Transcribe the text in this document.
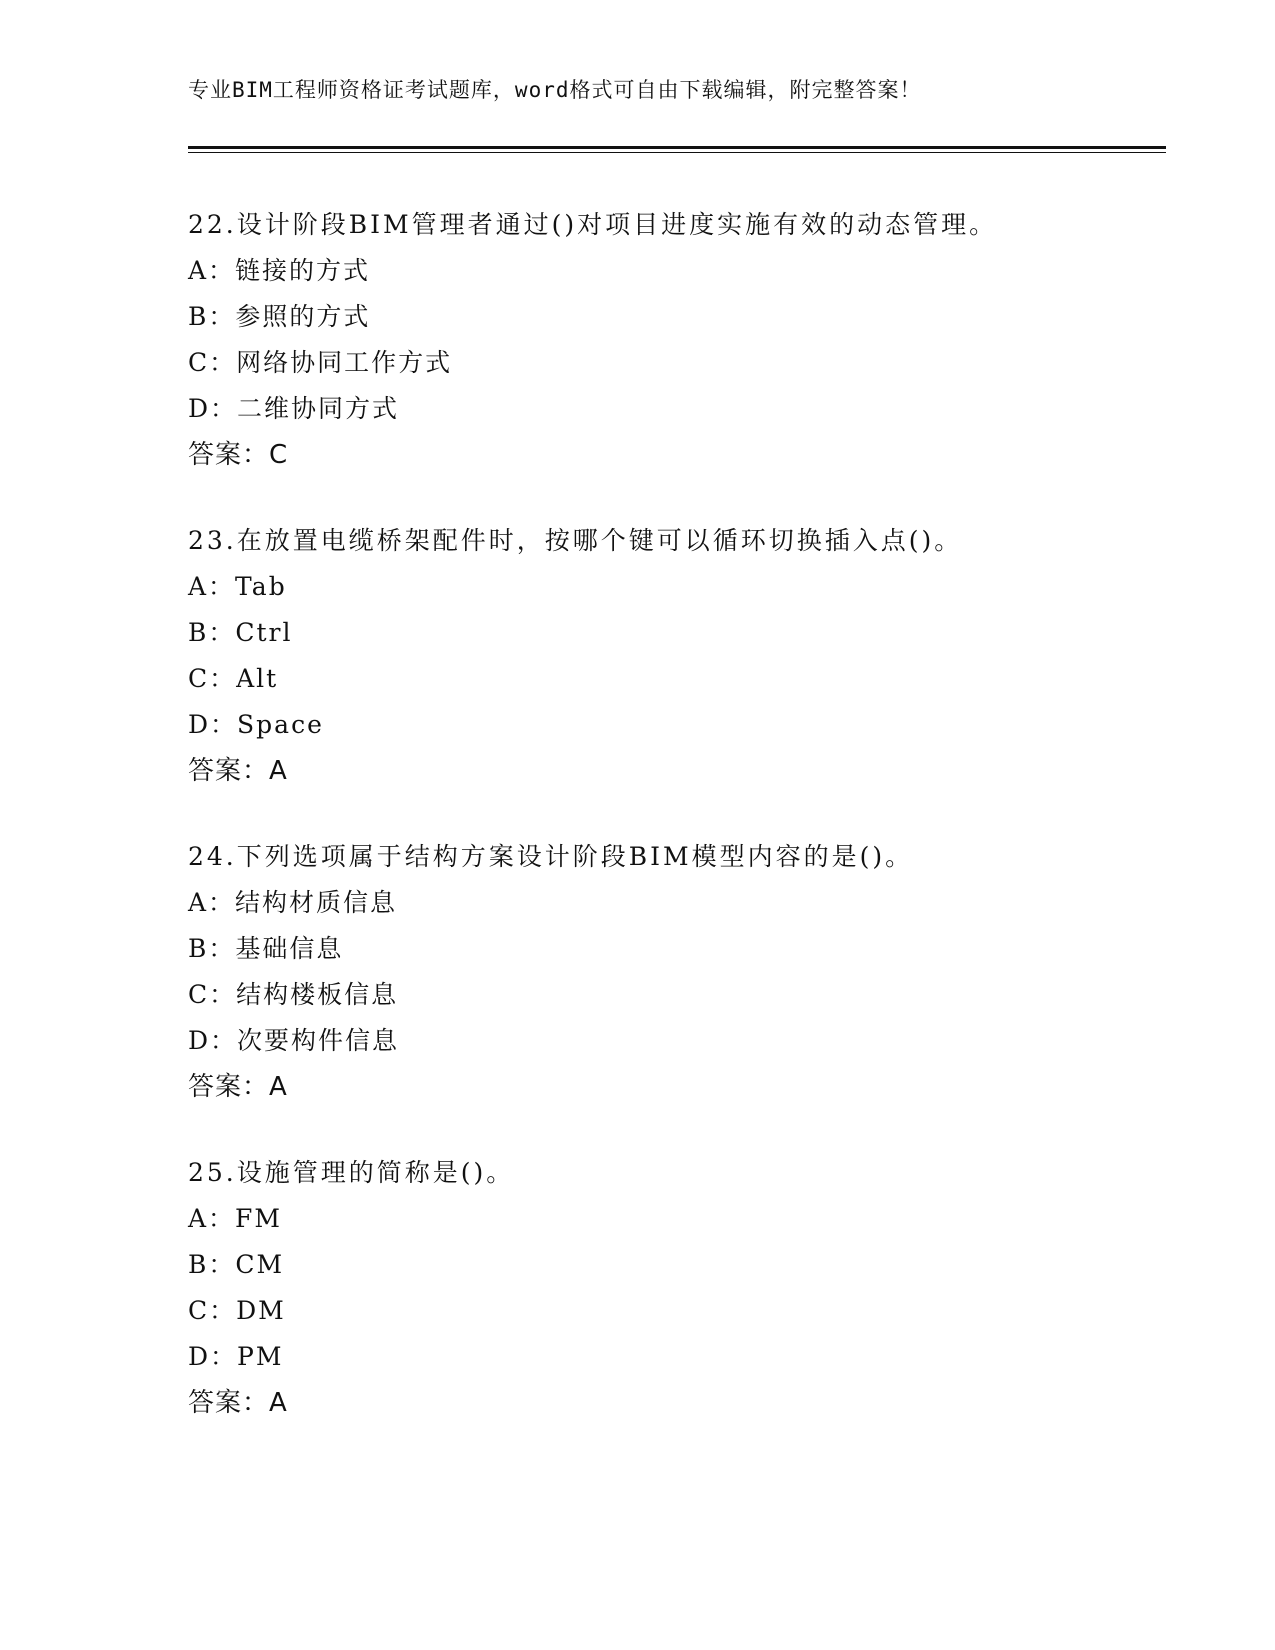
专业BIM工程师资格证考试题库，word格式可自由下载编辑，附完整答案！
22.设计阶段BIM管理者通过()对项目进度实施有效的动态管理。
A：链接的方式
B：参照的方式
C：网络协同工作方式
D：二维协同方式
答案：C
23.在放置电缆桥架配件时，按哪个键可以循环切换插入点()。
A：Tab
B：Ctrl
C：Alt
D：Space
答案：A
24.下列选项属于结构方案设计阶段BIM模型内容的是()。
A：结构材质信息
B：基础信息
C：结构楼板信息
D：次要构件信息
答案：A
25.设施管理的简称是()。
A：FM
B：CM
C：DM
D：PM
答案：A
